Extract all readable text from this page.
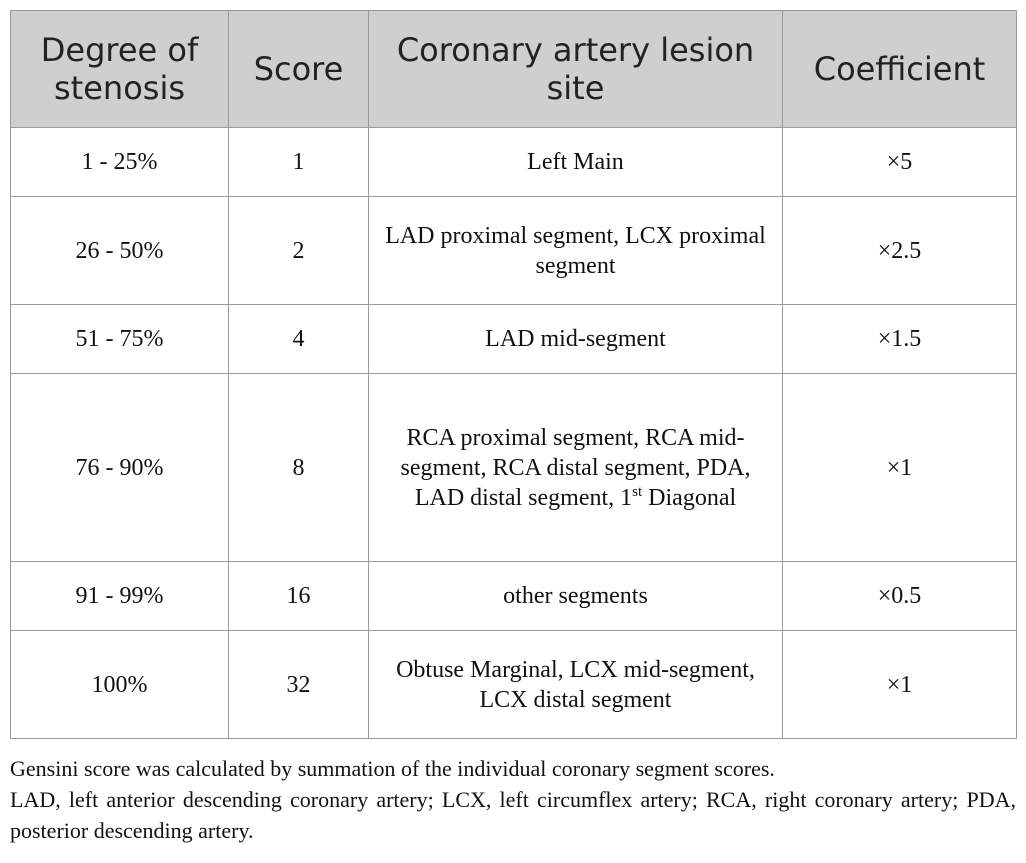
Degree of stenosis	Score	Coronary artery lesion site	Coefficient
1 - 25%	1	Left Main	×5
26 - 50%	2	LAD proximal segment, LCX proximal segment	×2.5
51 - 75%	4	LAD mid-segment	×1.5
76 - 90%	8	RCA proximal segment, RCA mid-segment, RCA distal segment, PDA, LAD distal segment, 1st Diagonal	×1
91 - 99%	16	other segments	×0.5
100%	32	Obtuse Marginal, LCX mid-segment, LCX distal segment	×1

Gensini score was calculated by summation of the individual coronary segment scores.

LAD, left anterior descending coronary artery; LCX, left circumflex artery; RCA, right coronary artery; PDA, posterior descending artery.
